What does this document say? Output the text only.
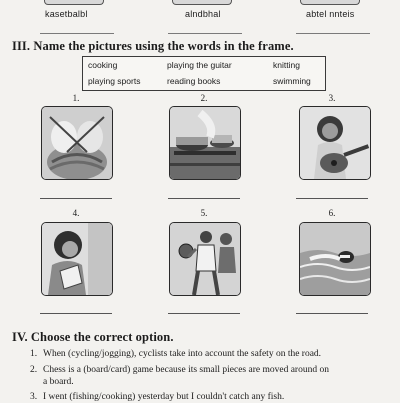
kasetbalbl	alndbhal	abtel nnteis
III. Name the pictures using the words in the frame.
cooking	playing the guitar	knitting
playing sports	reading books	swimming
1.	2.	3.
4.	5.	6.
IV. Choose the correct option.
1. When (cycling/jogging), cyclists take into account the safety on the road.
2. Chess is a (board/card) game because its small pieces are moved around on
a board.
3. I went (fishing/cooking) yesterday but I couldn't catch any fish.
